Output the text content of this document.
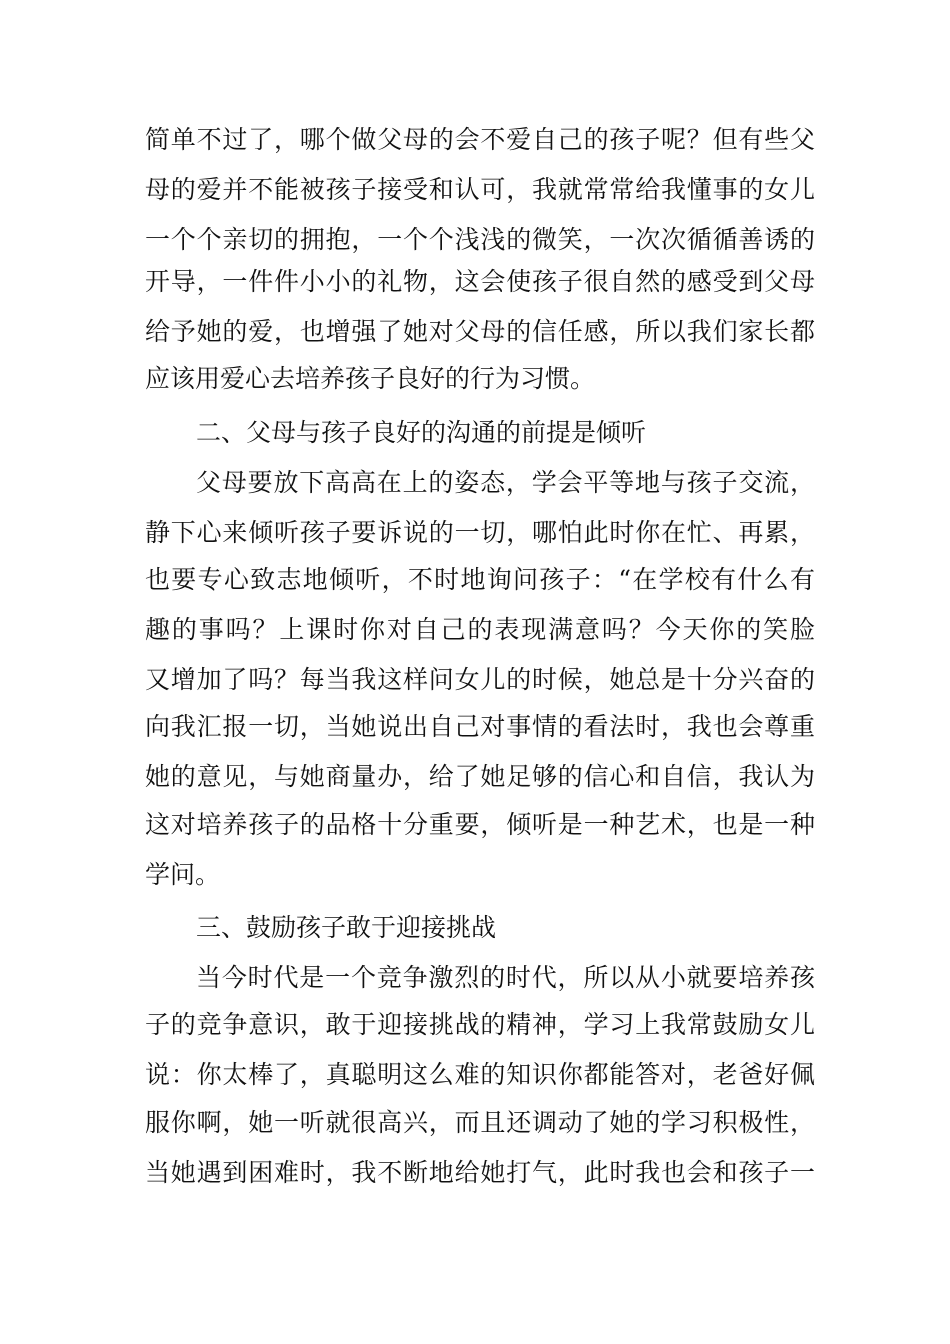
简单不过了，哪个做父母的会不爱自己的孩子呢？但有些父
母的爱并不能被孩子接受和认可，我就常常给我懂事的女儿
一个个亲切的拥抱，一个个浅浅的微笑，一次次循循善诱的
开导，一件件小小的礼物，这会使孩子很自然的感受到父母
给予她的爱，也增强了她对父母的信任感，所以我们家长都
应该用爱心去培养孩子良好的行为习惯。
二、父母与孩子良好的沟通的前提是倾听
父母要放下高高在上的姿态，学会平等地与孩子交流，
静下心来倾听孩子要诉说的一切，哪怕此时你在忙、再累，
也要专心致志地倾听，不时地询问孩子：“在学校有什么有
趣的事吗？上课时你对自己的表现满意吗？今天你的笑脸
又增加了吗？每当我这样问女儿的时候，她总是十分兴奋的
向我汇报一切，当她说出自己对事情的看法时，我也会尊重
她的意见，与她商量办，给了她足够的信心和自信，我认为
这对培养孩子的品格十分重要，倾听是一种艺术，也是一种
学问。
三、鼓励孩子敢于迎接挑战
当今时代是一个竞争激烈的时代，所以从小就要培养孩
子的竞争意识，敢于迎接挑战的精神，学习上我常鼓励女儿
说：你太棒了，真聪明这么难的知识你都能答对，老爸好佩
服你啊，她一听就很高兴，而且还调动了她的学习积极性，
当她遇到困难时，我不断地给她打气，此时我也会和孩子一
